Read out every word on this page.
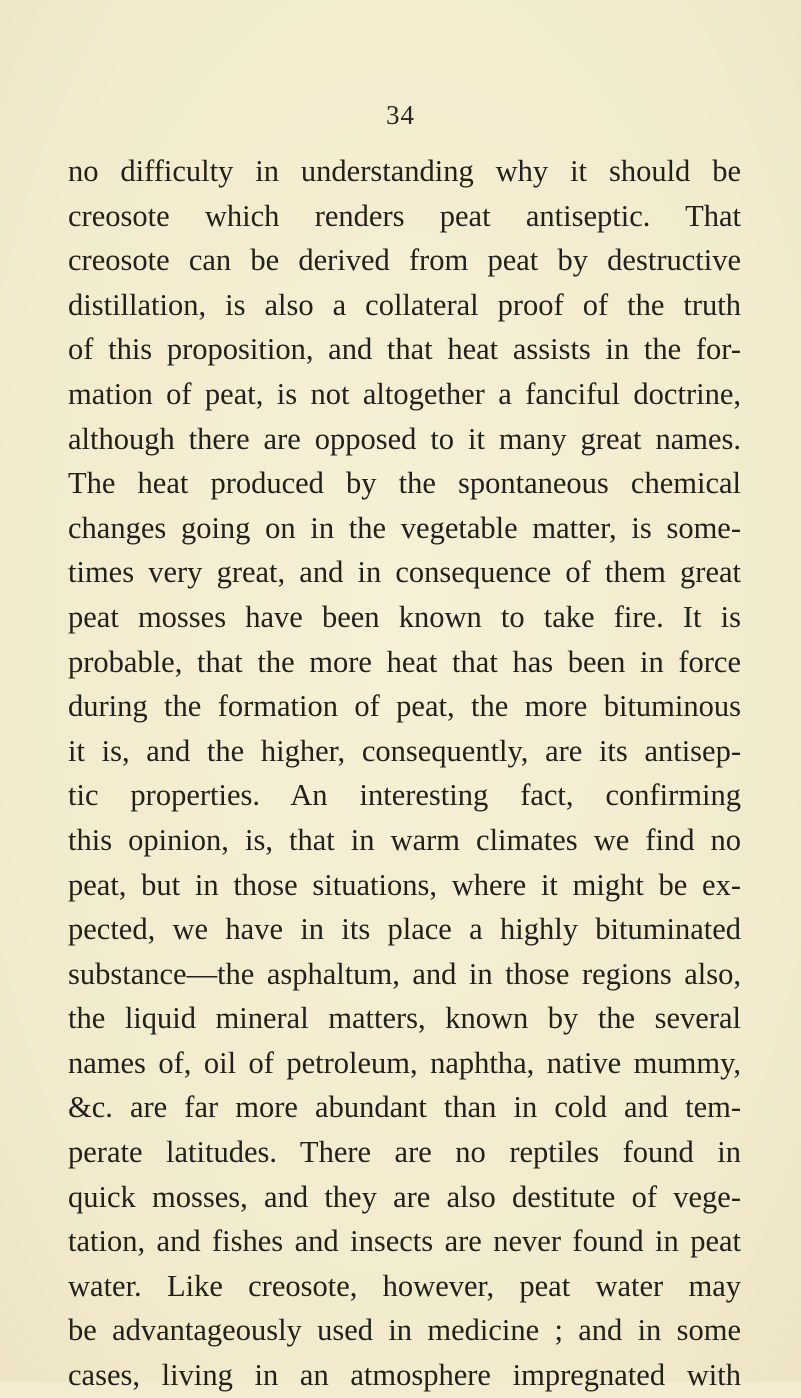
34
no difficulty in understanding why it should be
creosote which renders peat antiseptic. That
creosote can be derived from peat by destructive
distillation, is also a collateral proof of the truth
of this proposition, and that heat assists in the for-
mation of peat, is not altogether a fanciful doctrine,
although there are opposed to it many great names.
The heat produced by the spontaneous chemical
changes going on in the vegetable matter, is some-
times very great, and in consequence of them great
peat mosses have been known to take fire. It is
probable, that the more heat that has been in force
during the formation of peat, the more bituminous
it is, and the higher, consequently, are its antisep-
tic properties. An interesting fact, confirming
this opinion, is, that in warm climates we find no
peat, but in those situations, where it might be ex-
pected, we have in its place a highly bituminated
substance—the asphaltum, and in those regions also,
the liquid mineral matters, known by the several
names of, oil of petroleum, naphtha, native mummy,
&c. are far more abundant than in cold and tem-
perate latitudes. There are no reptiles found in
quick mosses, and they are also destitute of vege-
tation, and fishes and insects are never found in peat
water. Like creosote, however, peat water may
be advantageously used in medicine ; and in some
cases, living in an atmosphere impregnated with
